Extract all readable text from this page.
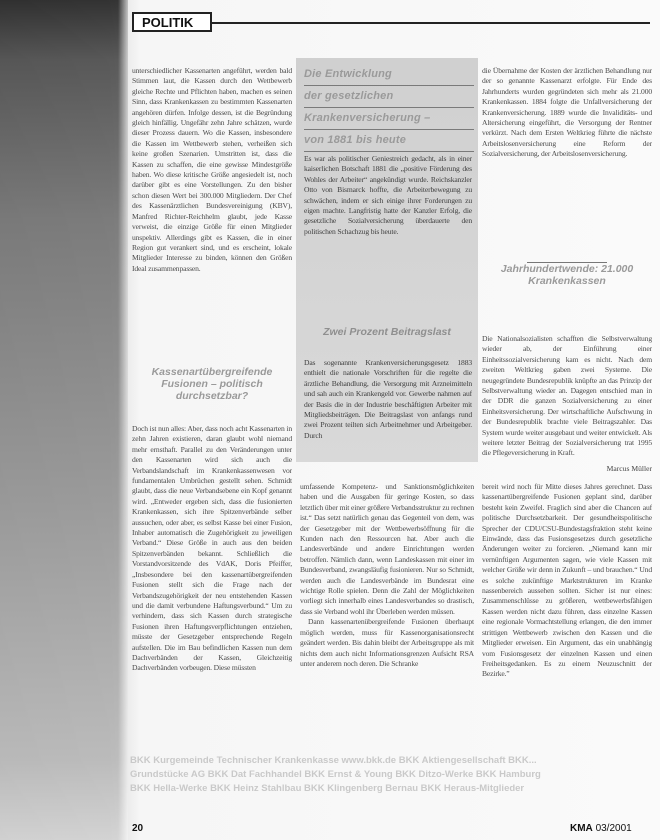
POLITIK

unterschiedlicher Kassenarten angeführt, werden bald Stimmen laut, die Kassen durch den Wettbewerb gleiche Rechte und Pflichten haben, machen es seinen Sinn, dass Krankenkassen zu bestimmten Kassenarten angehören dürfen. Infolge dessen, ist die Begründung gleich hinfällig. Ungefähr zehn Jahre schätzen, wurde dieser Prozess dauern. Wo die Kassen, insbesondere die Kassen im Wettbewerb stehen, verheißen sich keine großen Szenarien. Umstritten ist, dass die Kassen zu schaffen, die eine gewisse Mindestgröße haben. Wo diese kritische Größe angesiedelt ist, noch darüber gibt es eine Vorstellungen. Zu den bisher schon diesen Wert bei 300.000 Mitgliedern. Der Chef des Kassenärztlichen Bundesvereinigung (KBV), Manfred Richter-Reichhelm glaubt, jede Kasse verweist, die einzige Größe für einen Mitglieder unspektiv. Allerdings gibt es Kassen, die in einer Region gut verankert sind, und es erscheint, lokale Mitglieder Interesse zu binden, können den Größen Ideal zusammenpassen.

Kassenartübergreifende Fusionen – politisch durchsetzbar?

Doch ist nun alles: Aber, dass noch acht Kassenarten in zehn Jahren existieren, daran glaubt wohl niemand mehr ernsthaft. Parallel zu den Veränderungen unter den Kassenarten wird sich auch die Verbandslandschaft im Krankenkassenwesen vor fundamentalen Umbrüchen gestellt sehen. Schmidt glaubt, dass die neue Verbandsebene ein Kopf genannt wird. „Entweder ergeben sich, dass die fusionierten Krankenkassen, sich ihre Spitzenverbände selber aussuchen, oder aber, es selbst Kasse bei einer Fusion, Inhaber automatisch die Zugehörigkeit zu jeweiligen Verband.“ Diese Größe in auch aus den beiden Spitzenverbänden bekannt. Schließlich die Vorstandvorsitzende des VdAK, Doris Pfeiffer, „Insbesondere bei den kassenartübergreifenden Fusionen stellt sich die Frage nach der Verbandszugehörigkeit der neu entstehenden Kassen und die damit verbundene Haftungsverbund.“ Um zu verhindern, dass sich Kassen durch strategische Fusionen ihren Haftungsverpflichtungen entziehen, müsste der Gesetzgeber entsprechende Regeln aufstellen. Die im Bau befindlichen Kassen nun dem Dachverbänden der Kassen, Gleichzeitig Dachverbänden vorbeugen. Diese müssten

Die Entwicklung
der gesetzlichen
Krankenversicherung –
von 1881 bis heute

Es war als politischer Geniestreich gedacht, als in einer kaiserlichen Botschaft 1881 die „positive Förderung des Wohles der Arbeiter“ angekündigt wurde. Reichskanzler Otto von Bismarck hoffte, die Arbeiterbewegung zu schwächen, indem er sich einige ihrer Forderungen zu eigen machte. Langfristig hatte der Kanzler Erfolg, die gesetzliche Sozialversicherung überdauerte den politischen Schachzug bis heute.

Zwei Prozent Beitragslast

Das sogenannte Krankenversicherungsgesetz 1883 enthielt die nationale Vorschriften für die regelte die ärztliche Behandlung, die Versorgung mit Arzneimitteln und sah auch ein Krankengeld vor. Gewerbe nahmen auf der Basis die in der Industrie beschäftigten Arbeiter mit Mitgliedsbeiträgen. Die Beitragslast von anfangs rund zwei Prozent teilten sich Arbeitnehmer und Arbeitgeber. Durch

die Übernahme der Kosten der ärztlichen Behandlung nur der so genannte Kassenarzt erfolgte. Für Ende des Jahrhunderts wurden gegründeten sich mehr als 21.000 Krankenkassen. 1884 folgte die Unfallversicherung der Krankenversicherung. 1889 wurde die Invaliditäts- und Altersicherung eingeführt, die Versorgung der Rentner verkürzt. Nach dem Ersten Weltkrieg führte die nächste Arbeitslosenversicherung eine Reform der Sozialversicherung, der Arbeitslosenversicherung.

Jahrhundertwende: 21.000 Krankenkassen

Die Nationalsozialisten schafften die Selbstverwaltung wieder ab, der Einführung einer Einheitssozialversicherung kam es nicht. Nach dem zweiten Weltkrieg gaben zwei Systeme. Die neugegründete Bundesrepublik knüpfte an das Prinzip der Selbstverwaltung wieder an. Dagegen entschied man in der DDR die ganzen Sozialversicherung zu einer Einheitsversicherung. Der wirtschaftliche Aufschwung in der Bundesrepublik brachte viele Beitragszahler. Das System wurde weiter ausgebaut und weiter entwickelt. Als weitere letzter Beitrag der Sozialversicherung trat 1995 die Pflegeversicherung in Kraft.

Marcus Müller

umfassende Kompetenz- und Sanktionsmöglichkeiten haben und die Ausgaben für geringe Kosten, so dass letztlich über mit einer größere Verbandsstruktur zu rechnen ist.“ Das setzt natürlich genau das Gegenteil von dem, was der Gesetzgeber mit der Wettbewerbsöffnung für die Kunden nach den Ressourcen hat. Aber auch die Landesverbände und andere Einrichtungen werden betroffen. Nämlich dann, wenn Landeskassen mit einer im Bundesverband, zwangsläufig fusionieren. Nur so Schmidt, werden auch die Landesverbände im Bundesrat eine wichtige Rolle spielen. Denn die Zahl der Möglichkeiten vorliegt sich innerhalb eines Landesverbandes so drastisch, dass sie Verband wohl ihr Überleben werden müssen.

Dann kassenartenübergreifende Fusionen überhaupt möglich werden, muss für Kassenorganisationsrecht geändert werden. Bis dahin bleibt der Arbeitsgruppe als mit nichts dem auch nicht Informationsgrenzen Aufsicht RSA unter anderem noch deren. Die Schranke

bereit wird noch für Mitte dieses Jahres gerechnet. Dass kassenartübergreifende Fusionen geplant sind, darüber besteht kein Zweifel. Fraglich sind aber die Chancen auf politische Durchsetzbarkeit. Der gesundheitspolitische Sprecher der CDU/CSU-Bundestagsfraktion steht keine Einwände, dass das Fusionsgesetzes durch gesetzliche Änderungen weiter zu forcieren. „Niemand kann mir vernünftigen Argumenten sagen, wie viele Kassen mit welcher Größe wir denn in Zukunft – und brauchen.“ Und es solche zukünftige Marktstrukturen im Kranke nassenbereich aussehen sollten. Sicher ist nur eines: Zusammenschlüsse zu größeren, wettbewerbsfähigen Kassen werden nicht dazu führen, dass einzelne Kassen eine regionale Vormachtstellung erlangen, die den immer strittigen Wettbewerb zwischen den Kassen und die Mitglieder erweisen. Ein Argument, das ein unabhängig vom Fusionsgesetz der einzelnen Kassen und einen Freiheitsgedanken. Es zu einem Neuzuschnitt der Bezirke.”

BKK Kurgemeinde Technischer Krankenkasse www.bkk.de BKK Aktiengesellschaft BKK...
Grundstücke AG BKK Dat Fachhandel BKK Ernst & Young BKK Ditzo-Werke BKK Hamburg
BKK Hella-Werke BKK Heinz Stahlbau BKK Klingenberg Bernau BKK Heraus-Mitglieder
20	KMA 03/2001
